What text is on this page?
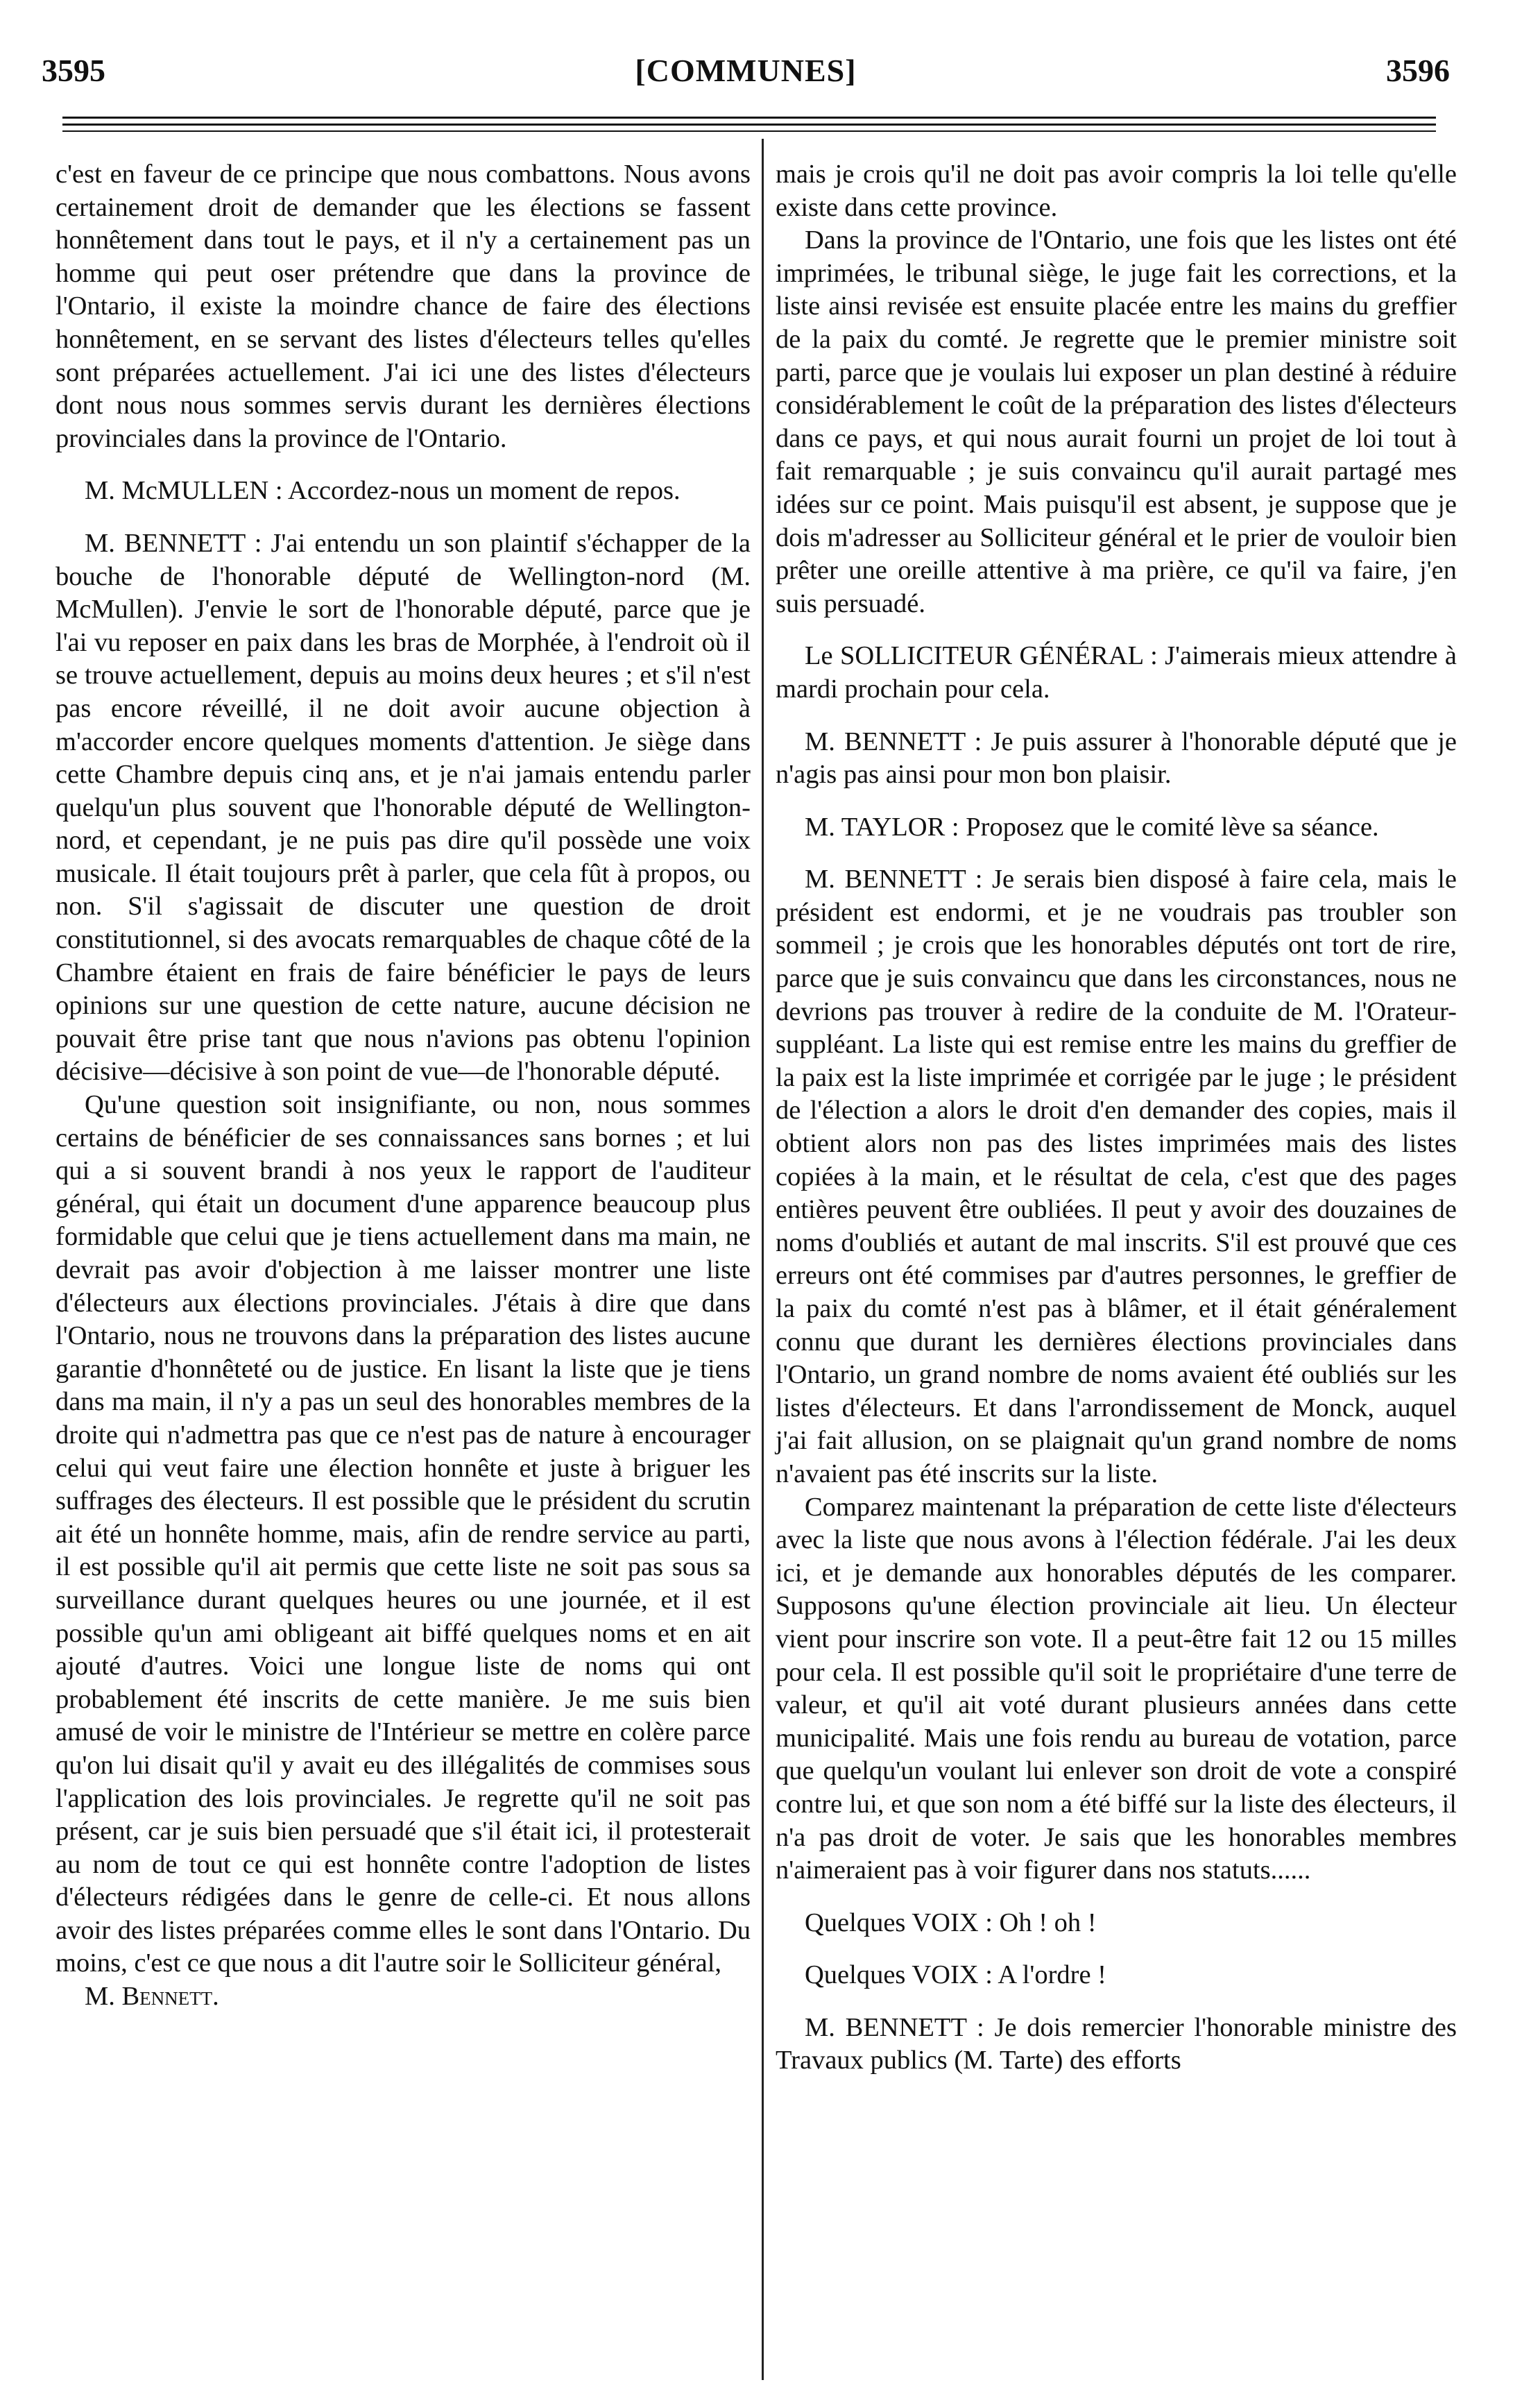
3595	[COMMUNES]	3596

c'est en faveur de ce principe que nous combattons. Nous avons certainement droit de demander que les élections se fassent honnêtement dans tout le pays, et il n'y a certainement pas un homme qui peut oser prétendre que dans la province de l'Ontario, il existe la moindre chance de faire des élections honnêtement, en se servant des listes d'électeurs telles qu'elles sont préparées actuellement. J'ai ici une des listes d'électeurs dont nous nous sommes servis durant les dernières élections provinciales dans la province de l'Ontario.

M. McMULLEN : Accordez-nous un moment de repos.

M. BENNETT : J'ai entendu un son plaintif s'échapper de la bouche de l'honorable député de Wellington-nord (M. McMullen). J'envie le sort de l'honorable député, parce que je l'ai vu reposer en paix dans les bras de Morphée, à l'endroit où il se trouve actuellement, depuis au moins deux heures ; et s'il n'est pas encore réveillé, il ne doit avoir aucune objection à m'accorder encore quelques moments d'attention. Je siège dans cette Chambre depuis cinq ans, et je n'ai jamais entendu parler quelqu'un plus souvent que l'honorable député de Wellington-nord, et cependant, je ne puis pas dire qu'il possède une voix musicale. Il était toujours prêt à parler, que cela fût à propos, ou non. S'il s'agissait de discuter une question de droit constitutionnel, si des avocats remarquables de chaque côté de la Chambre étaient en frais de faire bénéficier le pays de leurs opinions sur une question de cette nature, aucune décision ne pouvait être prise tant que nous n'avions pas obtenu l'opinion décisive—décisive à son point de vue—de l'honorable député.

Qu'une question soit insignifiante, ou non, nous sommes certains de bénéficier de ses connaissances sans bornes ; et lui qui a si souvent brandi à nos yeux le rapport de l'auditeur général, qui était un document d'une apparence beaucoup plus formidable que celui que je tiens actuellement dans ma main, ne devrait pas avoir d'objection à me laisser montrer une liste d'électeurs aux élections provinciales. J'étais à dire que dans l'Ontario, nous ne trouvons dans la préparation des listes aucune garantie d'honnêteté ou de justice. En lisant la liste que je tiens dans ma main, il n'y a pas un seul des honorables membres de la droite qui n'admettra pas que ce n'est pas de nature à encourager celui qui veut faire une élection honnête et juste à briguer les suffrages des électeurs. Il est possible que le président du scrutin ait été un honnête homme, mais, afin de rendre service au parti, il est possible qu'il ait permis que cette liste ne soit pas sous sa surveillance durant quelques heures ou une journée, et il est possible qu'un ami obligeant ait biffé quelques noms et en ait ajouté d'autres. Voici une longue liste de noms qui ont probablement été inscrits de cette manière. Je me suis bien amusé de voir le ministre de l'Intérieur se mettre en colère parce qu'on lui disait qu'il y avait eu des illégalités de commises sous l'application des lois provinciales. Je regrette qu'il ne soit pas présent, car je suis bien persuadé que s'il était ici, il protesterait au nom de tout ce qui est honnête contre l'adoption de listes d'électeurs rédigées dans le genre de celle-ci. Et nous allons avoir des listes préparées comme elles le sont dans l'Ontario. Du moins, c'est ce que nous a dit l'autre soir le Solliciteur général,

M. Bennett.

mais je crois qu'il ne doit pas avoir compris la loi telle qu'elle existe dans cette province.

Dans la province de l'Ontario, une fois que les listes ont été imprimées, le tribunal siège, le juge fait les corrections, et la liste ainsi revisée est ensuite placée entre les mains du greffier de la paix du comté. Je regrette que le premier ministre soit parti, parce que je voulais lui exposer un plan destiné à réduire considérablement le coût de la préparation des listes d'électeurs dans ce pays, et qui nous aurait fourni un projet de loi tout à fait remarquable ; je suis convaincu qu'il aurait partagé mes idées sur ce point. Mais puisqu'il est absent, je suppose que je dois m'adresser au Solliciteur général et le prier de vouloir bien prêter une oreille attentive à ma prière, ce qu'il va faire, j'en suis persuadé.

Le SOLLICITEUR GÉNÉRAL : J'aimerais mieux attendre à mardi prochain pour cela.

M. BENNETT : Je puis assurer à l'honorable député que je n'agis pas ainsi pour mon bon plaisir.

M. TAYLOR : Proposez que le comité lève sa séance.

M. BENNETT : Je serais bien disposé à faire cela, mais le président est endormi, et je ne voudrais pas troubler son sommeil ; je crois que les honorables députés ont tort de rire, parce que je suis convaincu que dans les circonstances, nous ne devrions pas trouver à redire de la conduite de M. l'Orateur-suppléant. La liste qui est remise entre les mains du greffier de la paix est la liste imprimée et corrigée par le juge ; le président de l'élection a alors le droit d'en demander des copies, mais il obtient alors non pas des listes imprimées mais des listes copiées à la main, et le résultat de cela, c'est que des pages entières peuvent être oubliées. Il peut y avoir des douzaines de noms d'oubliés et autant de mal inscrits. S'il est prouvé que ces erreurs ont été commises par d'autres personnes, le greffier de la paix du comté n'est pas à blâmer, et il était généralement connu que durant les dernières élections provinciales dans l'Ontario, un grand nombre de noms avaient été oubliés sur les listes d'électeurs. Et dans l'arrondissement de Monck, auquel j'ai fait allusion, on se plaignait qu'un grand nombre de noms n'avaient pas été inscrits sur la liste.

Comparez maintenant la préparation de cette liste d'électeurs avec la liste que nous avons à l'élection fédérale. J'ai les deux ici, et je demande aux honorables députés de les comparer. Supposons qu'une élection provinciale ait lieu. Un électeur vient pour inscrire son vote. Il a peut-être fait 12 ou 15 milles pour cela. Il est possible qu'il soit le propriétaire d'une terre de valeur, et qu'il ait voté durant plusieurs années dans cette municipalité. Mais une fois rendu au bureau de votation, parce que quelqu'un voulant lui enlever son droit de vote a conspiré contre lui, et que son nom a été biffé sur la liste des électeurs, il n'a pas droit de voter. Je sais que les honorables membres n'aimeraient pas à voir figurer dans nos statuts......

Quelques VOIX : Oh ! oh !

Quelques VOIX : A l'ordre !

M. BENNETT : Je dois remercier l'honorable ministre des Travaux publics (M. Tarte) des efforts
